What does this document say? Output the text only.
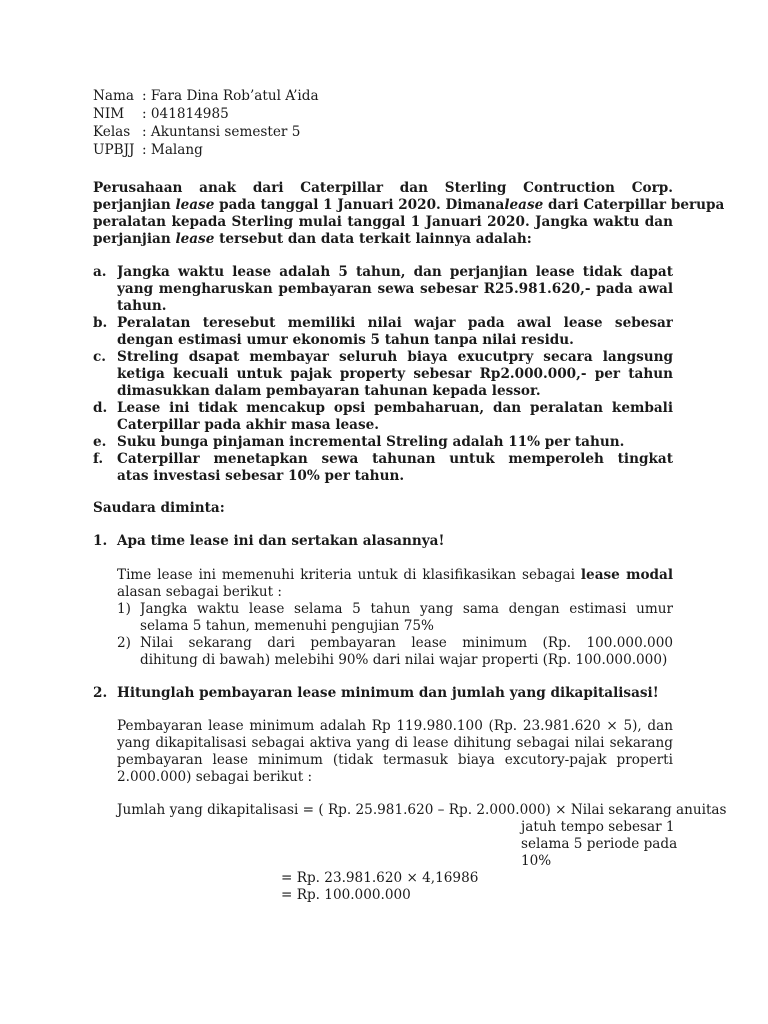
Nama : Fara Dina Rob’atul A’ida
NIM : 041814985
Kelas : Akuntansi semester 5
UPBJJ : Malang
Perusahaan anak dari Caterpillar dan Sterling Contruction Corp.
perjanjian lease pada tanggal 1 Januari 2020. Dimanalease dari Caterpillar berupa
peralatan kepada Sterling mulai tanggal 1 Januari 2020. Jangka waktu dan
perjanjian lease tersebut dan data terkait lainnya adalah:
a. Jangka waktu lease adalah 5 tahun, dan perjanjian lease tidak dapat
yang mengharuskan pembayaran sewa sebesar R25.981.620,- pada awal
tahun.
b. Peralatan teresebut memiliki nilai wajar pada awal lease sebesar
dengan estimasi umur ekonomis 5 tahun tanpa nilai residu.
c. Streling dsapat membayar seluruh biaya exucutpry secara langsung
ketiga kecuali untuk pajak property sebesar Rp2.000.000,- per tahun
dimasukkan dalam pembayaran tahunan kepada lessor.
d. Lease ini tidak mencakup opsi pembaharuan, dan peralatan kembali
Caterpillar pada akhir masa lease.
e. Suku bunga pinjaman incremental Streling adalah 11% per tahun.
f. Caterpillar menetapkan sewa tahunan untuk memperoleh tingkat
atas investasi sebesar 10% per tahun.
Saudara diminta:
1. Apa time lease ini dan sertakan alasannya!
Time lease ini memenuhi kriteria untuk di klasifikasikan sebagai lease modal
alasan sebagai berikut :
1) Jangka waktu lease selama 5 tahun yang sama dengan estimasi umur
selama 5 tahun, memenuhi pengujian 75%
2) Nilai sekarang dari pembayaran lease minimum (Rp. 100.000.000
dihitung di bawah) melebihi 90% dari nilai wajar properti (Rp. 100.000.000)
2. Hitunglah pembayaran lease minimum dan jumlah yang dikapitalisasi!
Pembayaran lease minimum adalah Rp 119.980.100 (Rp. 23.981.620 × 5), dan
yang dikapitalisasi sebagai aktiva yang di lease dihitung sebagai nilai sekarang
pembayaran lease minimum (tidak termasuk biaya excutory-pajak properti
2.000.000) sebagai berikut :
Jumlah yang dikapitalisasi = ( Rp. 25.981.620 – Rp. 2.000.000) × Nilai sekarang anuitas
jatuh tempo sebesar 1
selama 5 periode pada
10%
= Rp. 23.981.620 × 4,16986
= Rp. 100.000.000
